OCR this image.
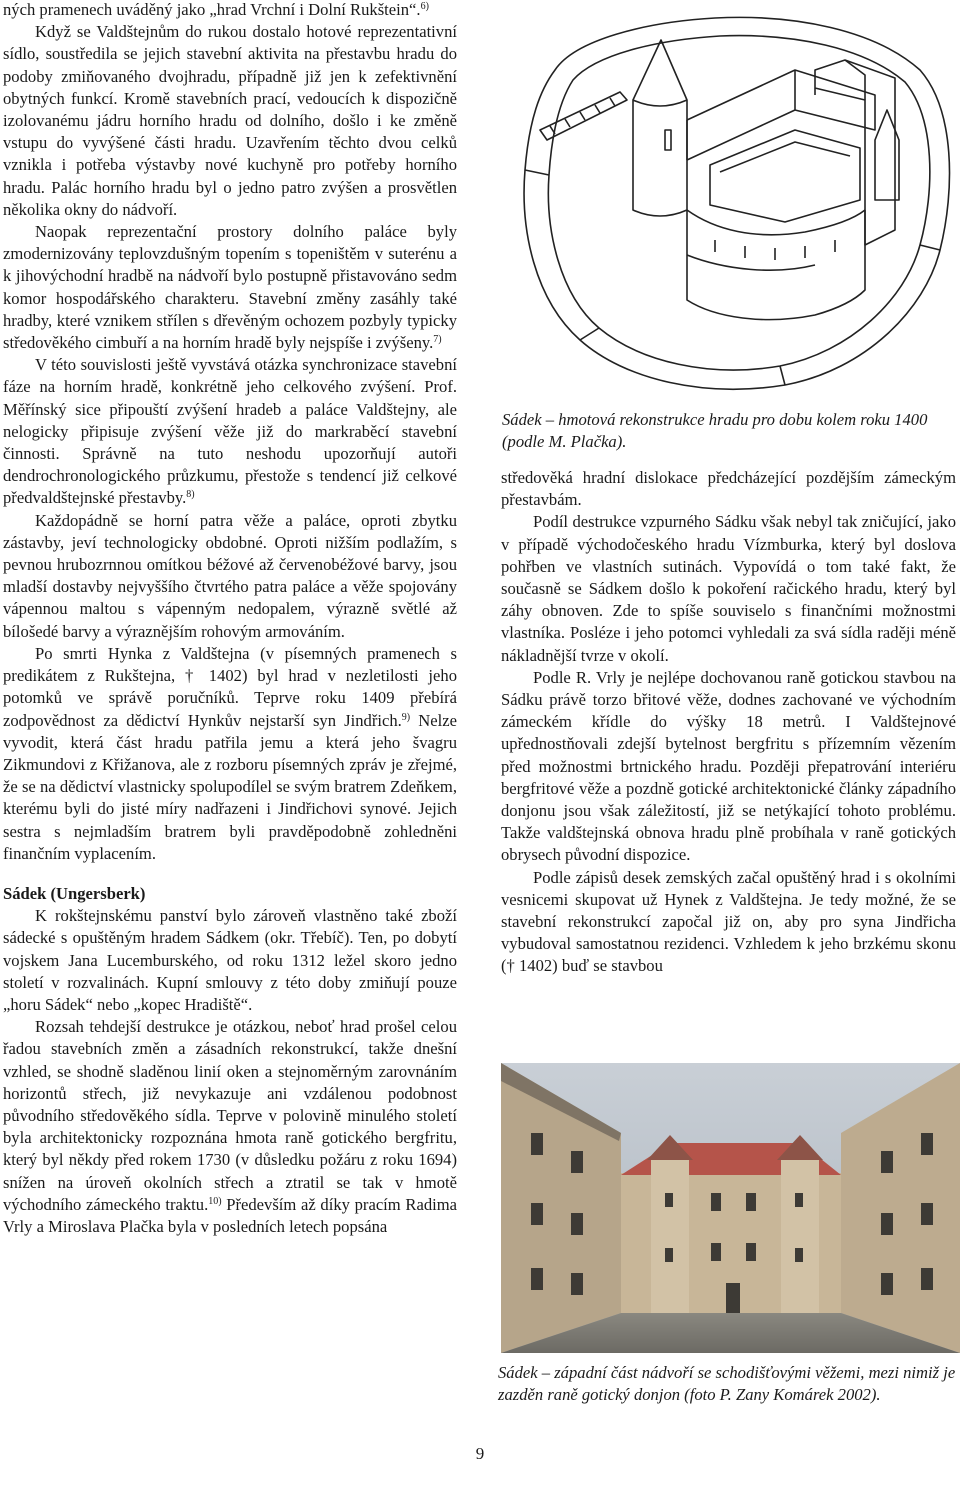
ných pramenech uváděný jako „hrad Vrchní i Dolní Rukštein“.$^{6)}$

Když se Valdštejnům do rukou dostalo hotové reprezentativní sídlo, soustředila se jejich stavební aktivita na přestavbu hradu do podoby zmiňovaného dvojhradu, případně již jen k zefektivnění obytných funkcí. Kromě stavebních prací, vedoucích k dispozičně izolovanému jádru horního hradu od dolního, došlo i ke změně vstupu do vyvýšené části hradu. Uzavřením těchto dvou celků vznikla i potřeba výstavby nové kuchyně pro potřeby horního hradu. Palác horního hradu byl o jedno patro zvýšen a prosvětlen několika okny do nádvoří.

Naopak reprezentační prostory dolního paláce byly zmodernizovány teplovzdušným topením s topeništěm v suterénu a k jihovýchodní hradbě na nádvoří bylo postupně přistavováno sedm komor hospodářského charakteru. Stavební změny zasáhly také hradby, které vznikem střílen s dřevěným ochozem pozbyly typicky středověkého cimbuří a na horním hradě byly nejspíše i zvýšeny.$^{7)}$

V této souvislosti ještě vyvstává otázka synchronizace stavební fáze na horním hradě, konkrétně jeho celkového zvýšení. Prof. Měřínský sice připouští zvýšení hradeb a paláce Valdštejny, ale nelogicky připisuje zvýšení věže již do markraběcí stavební činnosti. Správně na tuto neshodu upozorňují autoři dendrochronologického průzkumu, přestože s tendencí již celkové předvaldštejnské přestavby.$^{8)}$

Každopádně se horní patra věže a paláce, oproti zbytku zástavby, jeví technologicky obdobné. Oproti nižším podlažím, s pevnou hrubozrnnou omítkou béžové až červenobéžové barvy, jsou mladší dostavby nejvyššího čtvrtého patra paláce a věže spojovány vápennou maltou s vápenným nedopalem, výrazně světlé až bílošedé barvy a výraznějším rohovým armováním.

Po smrti Hynka z Valdštejna (v písemných pramenech s predikátem z Rukštejna, † 1402) byl hrad v nezletilosti jeho potomků ve správě poručníků. Teprve roku 1409 přebírá zodpovědnost za dědictví Hynkův nejstarší syn Jindřich.$^{9)}$ Nelze vyvodit, která část hradu patřila jemu a která jeho švagru Zikmundovi z Křižanova, ale z rozboru písemných zpráv je zřejmé, že se na dědictví vlastnicky spolupodílel se svým bratrem Zdeňkem, kterému byli do jisté míry nadřazeni i Jindřichovi synové. Jejich sestra s nejmladším bratrem byli pravděpodobně zohledněni finančním vyplacením.

Sádek (Ungersberk)

K rokštejnskému panství bylo zároveň vlastněno také zboží sádecké s opuštěným hradem Sádkem (okr. Třebíč). Ten, po dobytí vojskem Jana Lucemburského, od roku 1312 ležel skoro jedno století v rozvalinách. Kupní smlouvy z této doby zmiňují pouze „horu Sádek“ nebo „kopec Hradiště“.

Rozsah tehdejší destrukce je otázkou, neboť hrad prošel celou řadou stavebních změn a zásadních rekonstrukcí, takže dnešní vzhled, se shodně sladěnou linií oken a stejnoměrným zarovnáním horizontů střech, již nevykazuje ani vzdálenou podobnost původního středověkého sídla. Teprve v polovině minulého století byla architektonicky rozpoznána hmota raně gotického bergfritu, který byl někdy před rokem 1730 (v důsledku požáru z roku 1694) snížen na úroveň okolních střech a ztratil se tak v hmotě východního zámeckého traktu.$^{10)}$ Především až díky pracím Radima Vrly a Miroslava Plačka byla v posledních letech popsána

Sádek – hmotová rekonstrukce hradu pro dobu kolem roku 1400 (podle M. Plačka).

středověká hradní dislokace předcházející pozdějším zámeckým přestavbám.

Podíl destrukce vzpurného Sádku však nebyl tak zničující, jako v případě východočeského hradu Vízmburka, který byl doslova pohřben ve vlastních sutinách. Vypovídá o tom také fakt, že současně se Sádkem došlo k pokoření račického hradu, který byl záhy obnoven. Zde to spíše souviselo s finančními možnostmi vlastníka. Posléze i jeho potomci vyhledali za svá sídla raději méně nákladnější tvrze v okolí.

Podle R. Vrly je nejlépe dochovanou raně gotickou stavbou na Sádku právě torzo břitové věže, dodnes zachované ve východním zámeckém křídle do výšky 18 metrů. I Valdštejnové upřednostňovali zdejší bytelnost bergfritu s přízemním vězením před možnostmi brtnického hradu. Později přepatrování interiéru bergfritové věže a pozdně gotické architektonické články západního donjonu jsou však záležitostí, již se netýkající tohoto problému. Takže valdštejnská obnova hradu plně probíhala v raně gotických obrysech původní dispozice.

Podle zápisů desek zemských začal opuštěný hrad i s okolními vesnicemi skupovat už Hynek z Valdštejna. Je tedy možné, že se stavební rekonstrukcí započal již on, aby pro syna Jindřicha vybudoval samostatnou rezidenci. Vzhledem k jeho brzkému skonu († 1402) buď se stavbou

Sádek – západní část nádvoří se schodišťovými věžemi, mezi nimiž je zazděn raně gotický donjon (foto P. Zany Komárek 2002).
9
